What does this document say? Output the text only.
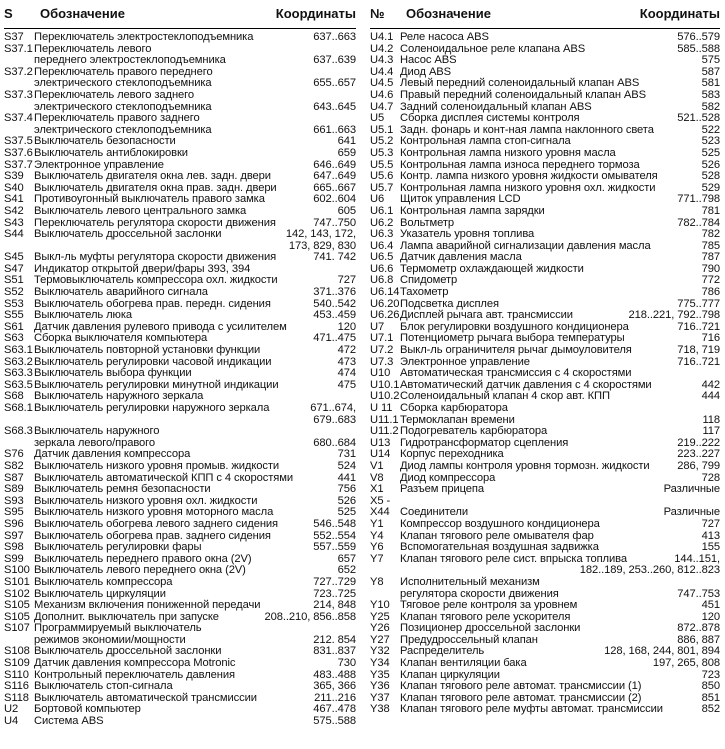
S	Обозначение	Координаты
S37 Переключатель электростеклоподъемника	637..663
S37.1 Переключатель левого
переднего электростеклоподъемника	637..639
S37.2 Переключатель правого переднего
электрического стеклоподъемника	655..657
S37.3 Переключатель левого заднего
электрического стеклоподъемника	643..645
S37.4 Переключатель правого заднего
электрического стеклоподъемника	661..663
S37.5 Выключатель безопасности	641
S37.6 Выключатель антиблокировки	659
S37.7 Электронное управление	646..649
S39 Выключатель двигателя окна лев. задн. двери	647..649
S40 Выключатель двигателя окна прав. задн. двери	665..667
S41 Противоугонный выключатель правого замка	602..604
S42 Выключатель левого центрального замка	605
S43 Переключатель регулятора скорости движения	747..750
S44 Выключатель дроссельной заслонки	142, 143, 172,
173, 829, 830
S45 Выкл-ль муфты регулятора скорости движения	741. 742
S47 Индикатор открытой двери/фары 393, 394
S51 Термовыключатель компрессора охл. жидкости	727
S52 Выключатель аварийного сигнала	371..376
S53 Выключатель обогрева прав. передн. сидения	540..542
S55 Выключатель люка	453..459
S61 Датчик давления рулевого привода с усилителем	120
S63 Сборка выключателя компьютера	471..475
S63.1 Выключатель повторной установки функции	472
S63.2 Выключатель регулировки часовой индикации	473
S63.3 Выключатель выбора функции	474
S63.5 Выключатель регулировки минутной индикации	475
S68 Выключатель наружного зеркала
S68.1 Выключатель регулировки наружного зеркала	671..674,
679..683
S68.3 Выключатель наружного
зеркала левого/правого	680..684
S76 Датчик давления компрессора	731
S82 Выключатель низкого уровня промыв. жидкости	524
S87 Выключатель автоматической КПП с 4 скоростями	441
S89 Выключатель ремня безопасности	756
S93 Выключатель низкого уровня охл. жидкости	526
S95 Выключатель низкого уровня моторного масла	525
S96 Выключатель обогрева левого заднего сидения	546..548
S97 Выключатель обогрева прав. заднего сидения	552..554
S98 Выключатель регулировки фары	557..559
S99 Выключатель переднего правого окна (2V)	657
S100 Выключатель левого переднего окна (2V)	652
S101 Выключатель компрессора	727..729
S102 Выключатель циркуляции	723..725
S105 Механизм включения пониженной передачи	214, 848
S105 Дополнит. выключатель при запуске	208..210, 856..858
S107 Программируемый выключатель
режимов экономии/мощности	212. 854
S108 Выключатель дроссельной заслонки	831..837
S109 Датчик давления компрессора Motronic	730
S110 Контрольный переключатель давления	483..488
S116 Выключатель стоп-сигнала	365, 366
S118 Выключатель автоматической трансмиссии	211..216
U2	Бортовой компьютер	467..478
U4	Система ABS	575..588
№	Обозначение	Координаты
U4.1 Реле насоса ABS	576..579
U4.2 Соленоидальное реле клапана ABS	585..588
U4.3 Насос ABS	575
U4.4 Диод ABS	587
U4.5 Левый передний соленоидальный клапан ABS	581
U4.6 Правый передний соленоидальный клапан ABS	583
U4.7 Задний соленоидальный клапан ABS	582
U5	Сборка дисплея системы контроля	521..528
U5.1 Задн. фонарь и конт-ная лампа наклонного света	522
U5.2 Контрольная лампа стоп-сигнала	523
U5.3 Контрольная лампа низкого уровня масла	525
U5.5 Контрольная лампа износа переднего тормоза	526
U5.6 Контр. лампа низкого уровня жидкости омывателя	528
U5.7 Контрольная лампа низкого уровня охл. жидкости	529
U6	Щиток управления LCD	771..798
U6.1 Контрольная лампа зарядки	781
U6.2 Вольтметр	782..784
U6.3 Указатель уровня топлива	782
U6.4 Лампа аварийной сигнализации давления масла	785
U6.5 Датчик давления масла	787
U6.6 Термометр охлаждающей жидкости	790
U6.8 Спидометр	772
U6.14 Тахометр	786
U6.20 Подсветка дисплея	775..777
U6.26 Дисплей рычага авт. трансмиссии	218..221, 792..798
U7	Блок регулировки воздушного кондиционера	716..721
U7.1 Потенциометр рычага выбора температуры	716
U7.2 Выкл-ль ограничителя рычаг дымоуловителя	718, 719
U7.3 Электронное управление	716..721
U10 Автоматическая трансмиссия с 4 скоростями
U10.1 Автоматический датчик давления с 4 скоростями	442
U10.2 Соленоидальный клапан 4 скор авт. КПП	444
U 11 Сборка карбюратора
U11.1 Термоклапан времени	118
U11.2 Подогреватель карбюратора	117
U13 Гидротрансформатор сцепления	219..222
U14 Корпус переходника	223..227
V1	Диод лампы контроля уровня тормозн. жидкости	286, 799
V8	Диод компрессора	728
X1	Разъем прицепа	Различные
X5 -
X44 Соединители	Различные
Y1	Компрессор воздушного кондиционера	727
Y4	Клапан тягового реле омывателя фар	413
Y6	Вспомогательная воздушная задвижка	155
Y7	Клапан тягового реле сист. впрыска топлива	144..151,
182..189, 253..260, 812..823
Y8	Исполнительный механизм
регулятора скорости движения	747..753
Y10 Тяговое реле контроля за уровнем	451
Y25 Клапан тягового реле ускорителя	120
Y26 Позиционер дроссельной заслонки	872..878
Y27 Предудроссельный клапан	886, 887
Y32 Распределитель	128, 168, 244, 801, 894
Y34 Клапан вентиляции бака	197, 265, 808
Y35 Клапан циркуляции	723
Y36 Клапан тягового реле автомат. трансмиссии (1)	850
Y37 Клапан тягового реле автомат. трансмиссии (2)	851
Y38 Клапан тягового реле муфты автомат. трансмиссии	852
